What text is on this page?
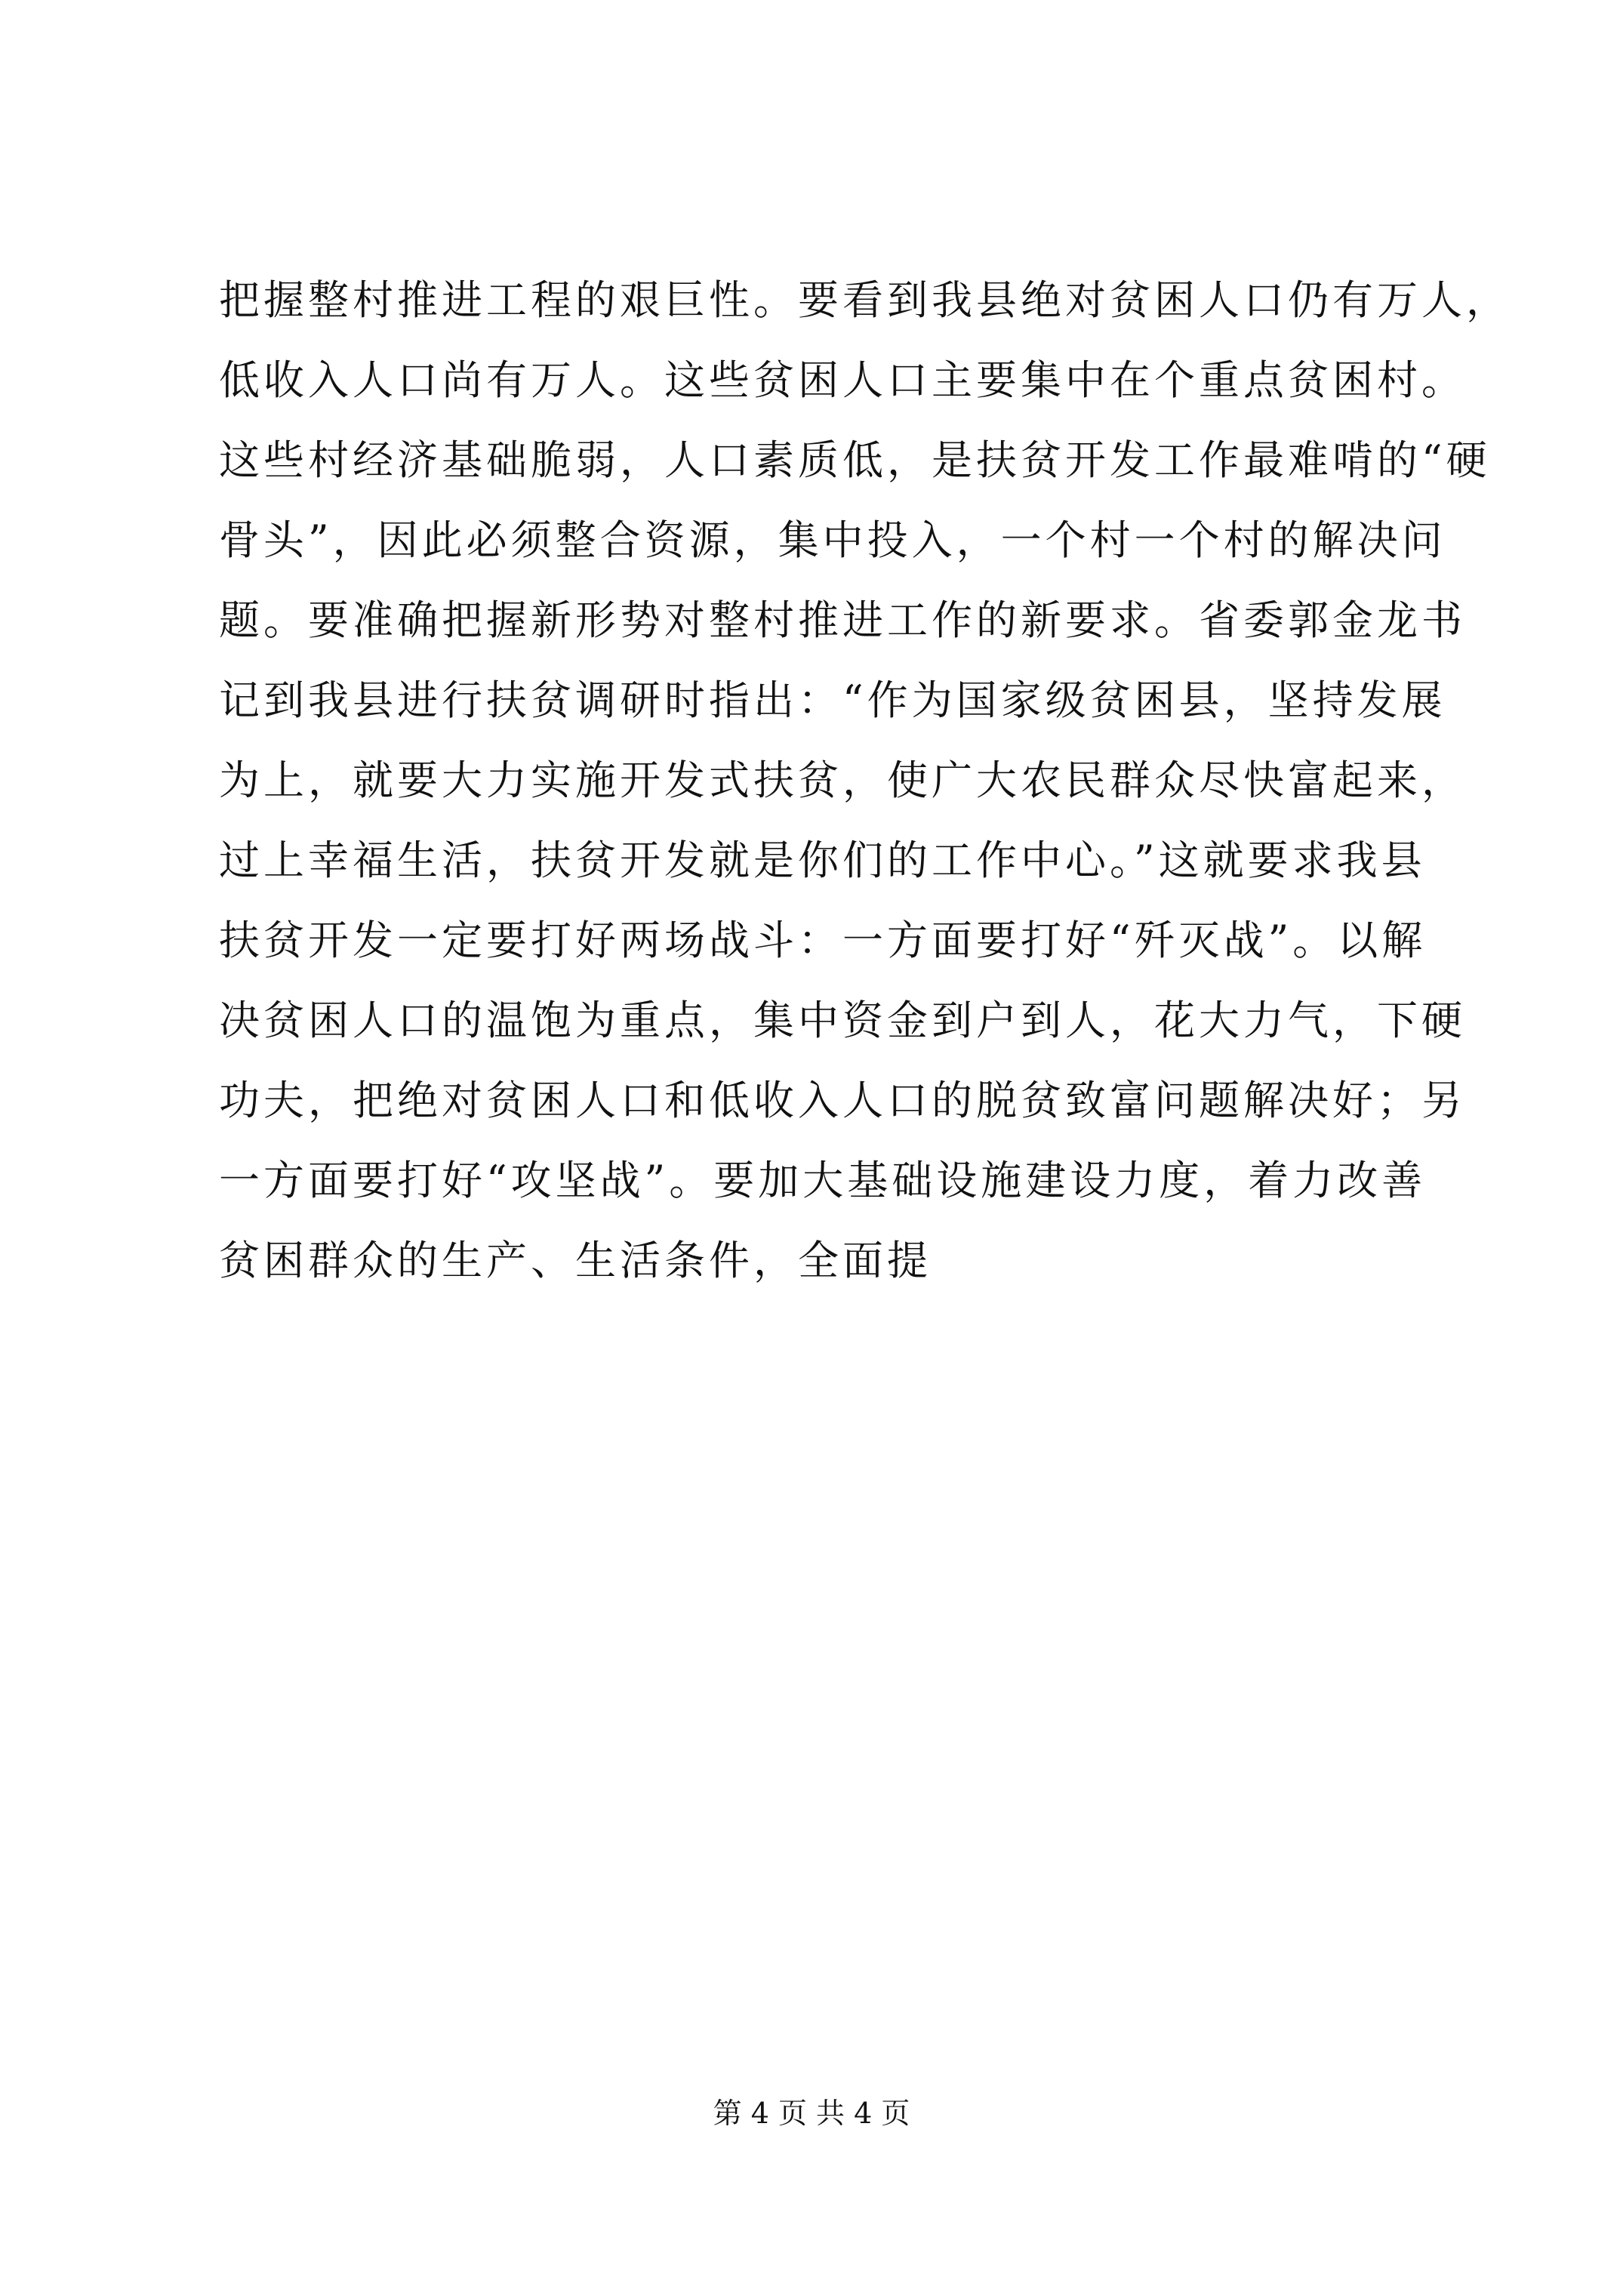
把握整村推进工程的艰巨性。要看到我县绝对贫困人口仍有万人，
低收入人口尚有万人。这些贫困人口主要集中在个重点贫困村。
这些村经济基础脆弱，人口素质低，是扶贫开发工作最难啃的“硬
骨头”，因此必须整合资源，集中投入，一个村一个村的解决问
题。要准确把握新形势对整村推进工作的新要求。省委郭金龙书
记到我县进行扶贫调研时指出：“作为国家级贫困县，坚持发展
为上，就要大力实施开发式扶贫，使广大农民群众尽快富起来，
过上幸福生活，扶贫开发就是你们的工作中心。”这就要求我县
扶贫开发一定要打好两场战斗：一方面要打好“歼灭战”。以解
决贫困人口的温饱为重点，集中资金到户到人，花大力气，下硬
功夫，把绝对贫困人口和低收入人口的脱贫致富问题解决好；另
一方面要打好“攻坚战”。要加大基础设施建设力度，着力改善
贫困群众的生产、生活条件，全面提
第 4 页 共 4 页
